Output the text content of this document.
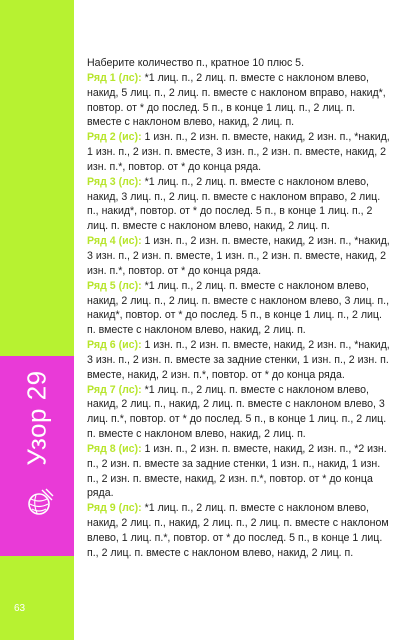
Узор 29
63

Наберите количество п., кратное 10 плюс 5.

Ряд 1 (лс): *1 лиц. п., 2 лиц. п. вместе с наклоном влево, накид, 5 лиц. п., 2 лиц. п. вместе с наклоном вправо, накид*, повтор. от * до послед. 5 п., в конце 1 лиц. п., 2 лиц. п. вместе с наклоном влево, накид, 2 лиц. п.

Ряд 2 (ис): 1 изн. п., 2 изн. п. вместе, накид, 2 изн. п., *накид, 1 изн. п., 2 изн. п. вместе, 3 изн. п., 2 изн. п. вместе, накид, 2 изн. п.*, повтор. от * до конца ряда.

Ряд 3 (лс): *1 лиц. п., 2 лиц. п. вместе с наклоном влево, накид, 3 лиц. п., 2 лиц. п. вместе с наклоном вправо, 2 лиц. п., накид*, повтор. от * до послед. 5 п., в конце 1 лиц. п., 2 лиц. п. вместе с наклоном влево, накид, 2 лиц. п.

Ряд 4 (ис): 1 изн. п., 2 изн. п. вместе, накид, 2 изн. п., *накид, 3 изн. п., 2 изн. п. вместе, 1 изн. п., 2 изн. п. вместе, накид, 2 изн. п.*, повтор. от * до конца ряда.

Ряд 5 (лс): *1 лиц. п., 2 лиц. п. вместе с наклоном влево, накид, 2 лиц. п., 2 лиц. п. вместе с наклоном влево, 3 лиц. п., накид*, повтор. от * до послед. 5 п., в конце 1 лиц. п., 2 лиц. п. вместе с наклоном влево, накид, 2 лиц. п.

Ряд 6 (ис): 1 изн. п., 2 изн. п. вместе, накид, 2 изн. п., *накид, 3 изн. п., 2 изн. п. вместе за задние стенки, 1 изн. п., 2 изн. п. вместе, накид, 2 изн. п.*, повтор. от * до конца ряда.

Ряд 7 (лс): *1 лиц. п., 2 лиц. п. вместе с наклоном влево, накид, 2 лиц. п., накид, 2 лиц. п. вместе с наклоном влево, 3 лиц. п.*, повтор. от * до послед. 5 п., в конце 1 лиц. п., 2 лиц. п. вместе с наклоном влево, накид, 2 лиц. п.

Ряд 8 (ис): 1 изн. п., 2 изн. п. вместе, накид, 2 изн. п., *2 изн. п., 2 изн. п. вместе за задние стенки, 1 изн. п., накид, 1 изн. п., 2 изн. п. вместе, накид, 2 изн. п.*, повтор. от * до конца ряда.

Ряд 9 (лс): *1 лиц. п., 2 лиц. п. вместе с наклоном влево, накид, 2 лиц. п., накид, 2 лиц. п., 2 лиц. п. вместе с наклоном влево, 1 лиц. п.*, повтор. от * до послед. 5 п., в конце 1 лиц. п., 2 лиц. п. вместе с наклоном влево, накид, 2 лиц. п.
